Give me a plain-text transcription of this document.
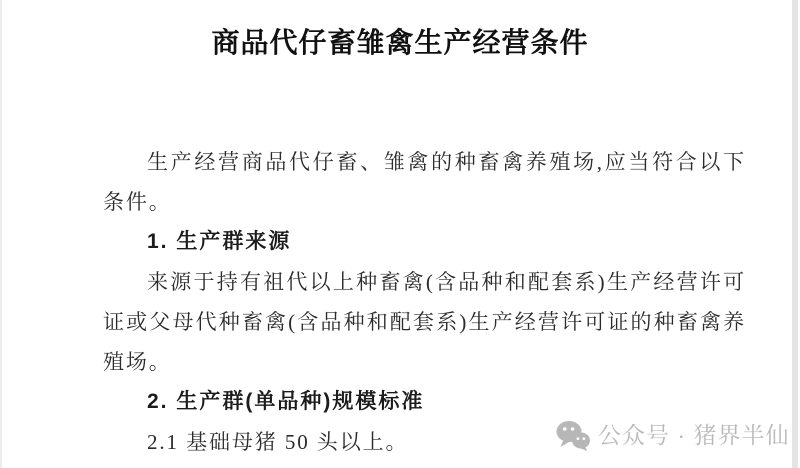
商品代仔畜雏禽生产经营条件

生产经营商品代仔畜、雏禽的种畜禽养殖场,应当符合以下条件。

1. 生产群来源

来源于持有祖代以上种畜禽(含品种和配套系)生产经营许可证或父母代种畜禽(含品种和配套系)生产经营许可证的种畜禽养殖场。

2. 生产群(单品种)规模标准

2.1 基础母猪 50 头以上。	公众号 · 猪界半仙
